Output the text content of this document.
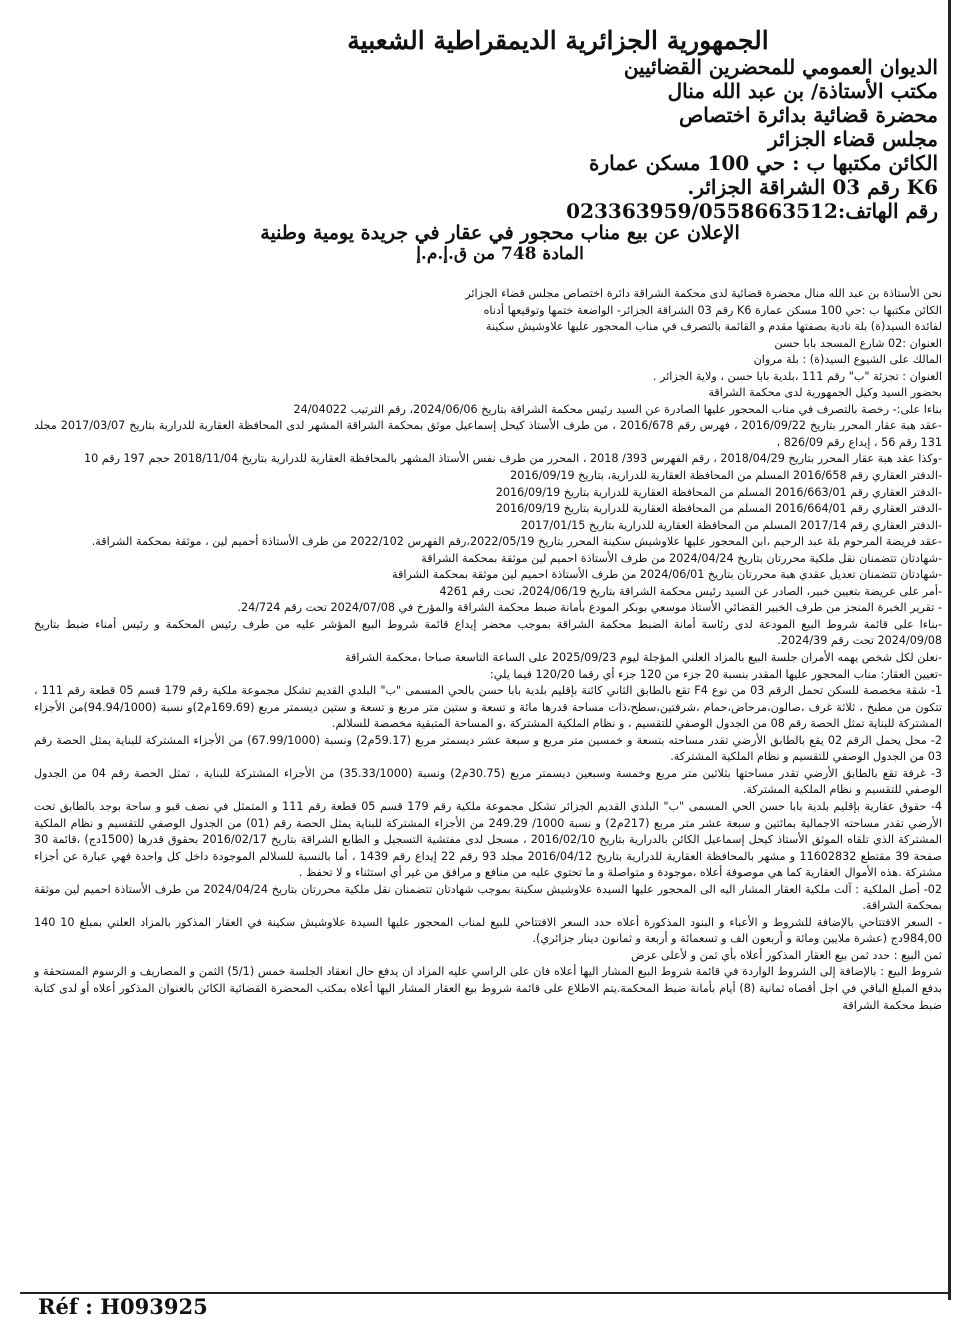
الجمهورية الجزائرية الديمقراطية الشعبية
الديوان العمومي للمحضرين القضائيين
مكتب الأستاذة/ بن عبد الله منال
محضرة قضائية بدائرة اختصاص
مجلس قضاء الجزائر
الكائن مكتبها ب : حي 100 مسكن عمارة
K6 رقم 03 الشراقة الجزائر.
رقم الهاتف:023363959/0558663512
الإعلان عن بيع مناب محجور في عقار في جريدة يومية وطنية
المادة 748 من ق.إ.م.إ

نحن الأستاذة بن عبد الله منال محضرة قضائية لدى محكمة الشراقة دائرة اختصاص مجلس قضاء الجزائر

الكائن مكتبها ب :حي 100 مسكن عمارة K6 رقم 03 الشراقة الجزائر- الواضعة ختمها وتوقيعها أدناه

لفائدة السيد(ة) بلة نادية بصفتها مقدم و القائمة بالتصرف في مناب المحجور عليها علاوشيش سكينة

العنوان :02 شارع المسجد بابا حسن

المالك على الشيوع السيد(ة) : بلة مروان

العنوان : تجزئة "ب" رقم 111 ،بلدية بابا حسن ، ولاية الجزائر .

بحضور السيد وكيل الجمهورية لدى محكمة الشراقة

بناءا على:- رخصة بالتصرف في مناب المحجور عليها الصادرة عن السيد رئيس محكمة الشراقة بتاريخ 2024/06/06، رقم الترتيب 24/04022

-عقد هبة عقار المحرر بتاريخ 2016/09/22 ، فهرس رقم 2016/678 ، من طرف الأستاذ كيحل إسماعيل موثق بمحكمة الشراقة المشهر لدى المحافظة العقارية للدرارية بتاريخ 2017/03/07 مجلد 131 رقم 56 ، إيداع رقم 826/09 ،

-وكذا عقد هبة عقار المحرر بتاريخ 2018/04/29 ، رقم الفهرس 393/ 2018 ، المحرر من طرف نفس الأستاذ المشهر بالمحافظة العقارية للدرارية بتاريخ 2018/11/04 حجم 197 رقم 10

-الدفتر العقاري رقم 2016/658 المسلم من المحافظة العقارية للدرارية، بتاريخ 2016/09/19

-الدفتر العقاري رقم 2016/663/01 المسلم من المحافظة العقارية للدرارية بتاريخ 2016/09/19

-الدفتر العقاري رقم 2016/664/01 المسلم من المحافظة العقارية للدرارية بتاريخ 2016/09/19

-الدفتر العقاري رقم 2017/14 المسلم من المحافظة العقارية للدرارية بتاريخ 2017/01/15

-عقد فريضة المرحوم بلة عبد الرحيم ،ابن المحجور عليها علاوشيش سكينة المحرر بتاريخ 2022/05/19،رقم الفهرس 2022/102 من طرف الأستاذة أحميم لين ، موثقة بمحكمة الشراقة.

-شهادتان تتضمنان نقل ملكية محررتان بتاريخ 2024/04/24 من طرف الأستاذة احميم لين موثقة بمحكمة الشراقة

-شهادتان تتضمنان تعديل عقدي هبة محررتان بتاريخ 2024/06/01 من طرف الأستاذة احميم لين موثقة بمحكمة الشراقة

-أمر على عريضة بتعيين خبير، الصادر عن السيد رئيس محكمة الشراقة بتاريخ 2024/06/19، تحت رقم 4261

- تقرير الخبرة المنجز من طرف الخبير القضائي الأستاذ موسعي بوبكر المودع بأمانة ضبط محكمة الشراقة والمؤرخ في 2024/07/08 تحت رقم 24/724.

-بناءا على قائمة شروط البيع المودعة لدى رئاسة أمانة الضبط محكمة الشراقة بموجب محضر إيداع قائمة شروط البيع المؤشر عليه من طرف رئيس المحكمة و رئيس أمناء ضبط بتاريخ 2024/09/08 تحت رقم 2024/39.

-نعلن لكل شخص يهمه الأمران جلسة البيع بالمزاد العلني المؤجلة ليوم 2025/09/23 على الساعة التاسعة صباحا ،محكمة الشراقة

-تعيين العقار: مناب المحجور عليها المقدر بنسبة 20 جزء من 120 جزء أي رقما 120/20 فيما يلي:

1- شقة مخصصة للسكن تحمل الرقم 03 من نوع F4 تقع بالطابق الثاني كائنة بإقليم بلدية بابا حسن بالحي المسمى "ب" البلدي القديم تشكل مجموعة ملكية رقم 179 قسم 05 قطعة رقم 111 ، تتكون من مطبخ ، ثلاثة غرف ،صالون،مرحاض،حمام ،شرفتين،سطح،ذات مساحة قدرها مائة و تسعة و ستين متر مربع و تسعة و ستين ديسمتر مربع (169.69م2)و نسبة (94.94/1000)من الأجزاء المشتركة للبناية تمثل الحصة رقم 08 من الجدول الوصفي للتقسيم ، و نظام الملكية المشتركة ،و المساحة المتبقية مخصصة للسلالم.

2- محل يحمل الرقم 02 يقع بالطابق الأرضي تقدر مساحته بتسعة و خمسين متر مربع و سبعة عشر ديسمتر مربع (59.17م2) ونسبة (67.99/1000) من الأجزاء المشتركة للبناية يمثل الحصة رقم 03 من الجدول الوصفي للتقسيم و نظام الملكية المشتركة.

3- غرفة تقع بالطابق الأرضي تقدر مساحتها بثلاثين متر مربع وخمسة وسبعين ديسمتر مربع (30.75م2) ونسبة (35.33/1000) من الأجزاء المشتركة للبناية ، تمثل الحصة رقم 04 من الجدول الوصفي للتقسيم و نظام الملكية المشتركة.

4- حقوق عقارية بإقليم بلدية بابا حسن الحي المسمى "ب" البلدي القديم الجزائر تشكل مجموعة ملكية رقم 179 قسم 05 قطعة رقم 111 و المتمثل في نصف قبو و ساحة بوجد بالطابق تحت الأرضي تقدر مساحته الاجمالية بمائتين و سبعة عشر متر مربع (217م2) و نسبة 1000/ 249.29 من الأجزاء المشتركة للبناية يمثل الحصة رقم (01) من الجدول الوصفي للتقسيم و نظام الملكية المشتركة الذي تلقاه الموثق الأستاذ كيحل إسماعيل الكائن بالدرارية بتاريخ 2016/02/10 ، مسجل لدى مفتشية التسجيل و الطابع الشراقة بتاريخ 2016/02/17 بحقوق قدرها (1500دج) ،قائمة 30 صفحة 39 مقتطع 11602832 و مشهر بالمحافظة العقارية للدرارية بتاريخ 2016/04/12 مجلد 93 رقم 22 إيداع رقم 1439 ، أما بالنسبة للسلالم الموجودة داخل كل واحدة فهي عبارة عن أجزاء مشتركة .هذه الأموال العقارية كما هي موصوفة أعلاه ،موجودة و متواصلة و ما تحتوي عليه من منافع و مرافق من غير أي استثناء و لا تحفظ .

02- أصل الملكية : آلت ملكية العقار المشار اليه الى المحجور عليها السيدة علاوشيش سكينة بموجب شهادتان تتضمنان نقل ملكية محررتان بتاريخ 2024/04/24 من طرف الأستاذة احميم لين موثقة بمحكمة الشراقة.

- السعر الافتتاحي بالإضافة للشروط و الأعباء و البنود المذكورة أعلاه حدد السعر الافتتاحي للبيع لمناب المحجور عليها السيدة علاوشيش سكينة في العقار المذكور بالمزاد العلني بمبلغ 10 140 984,00دج (عشرة ملايين ومائة و أربعون الف و تسعمائة و أربعة و ثمانون دينار جزائري).

ثمن البيع : حدد ثمن بيع العقار المذكور أعلاه بأي ثمن و لأعلى عرض

شروط البيع : بالإضافة إلى الشروط الواردة في قائمة شروط البيع المشار اليها أعلاه فان على الراسي عليه المزاد ان يدفع حال انعقاد الجلسة خمس (5/1) الثمن و المصاريف و الرسوم المستحقة و بدفع المبلغ الباقي في اجل أقصاه ثمانية (8) أيام بأمانة ضبط المحكمة.يتم الاطلاع على قائمة شروط بيع العقار المشار اليها أعلاه بمكتب المحضرة القضائية الكائن بالعنوان المذكور أعلاه أو لدى كتابة ضبط محكمة الشراقة

Réf : H093925
